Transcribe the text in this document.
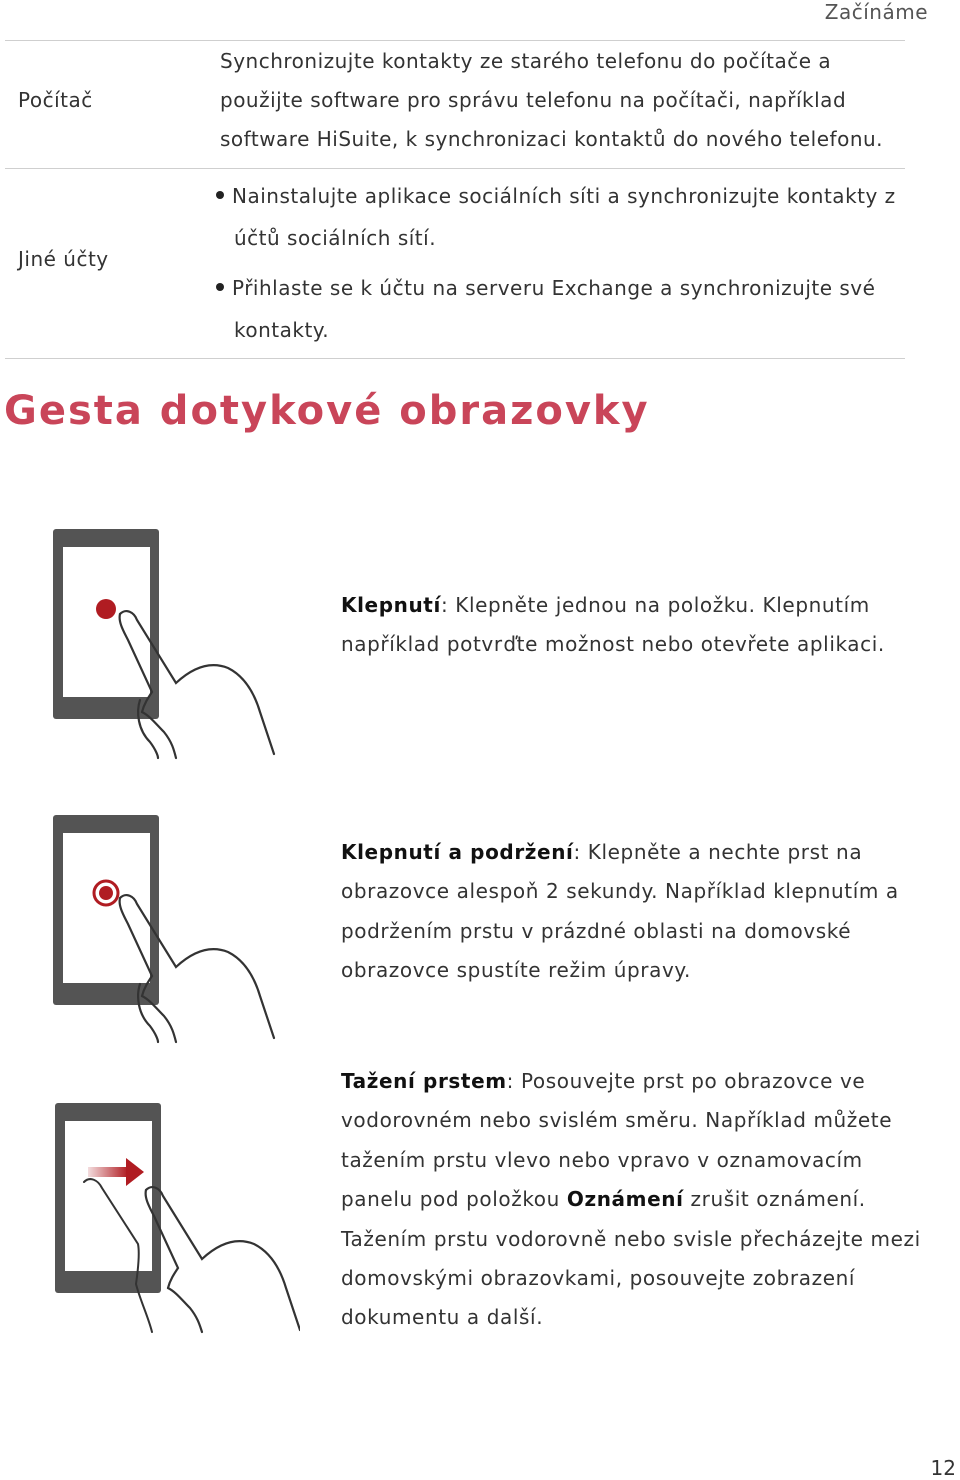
Začínáme
Počítač
Synchronizujte kontakty ze starého telefonu do počítače a použijte software pro správu telefonu na počítači, například software HiSuite, k synchronizaci kontaktů do nového telefonu.
Jiné účty
Nainstalujte aplikace sociálních síti a synchronizujte kontakty z
účtů sociálních sítí.
Přihlaste se k účtu na serveru Exchange a synchronizujte své
kontakty.
Gesta dotykové obrazovky
Klepnutí: Klepněte jednou na položku. Klepnutím například potvrďte možnost nebo otevřete aplikaci.
Klepnutí a podržení: Klepněte a nechte prst na obrazovce alespoň 2 sekundy. Například klepnutím a podržením prstu v prázdné oblasti na domovské obrazovce spustíte režim úpravy.
Tažení prstem: Posouvejte prst po obrazovce ve vodorovném nebo svislém směru. Například můžete tažením prstu vlevo nebo vpravo v oznamovacím panelu pod položkou Oznámení zrušit oznámení. Tažením prstu vodorovně nebo svisle přecházejte mezi domovskými obrazovkami, posouvejte zobrazení dokumentu a další.
12
